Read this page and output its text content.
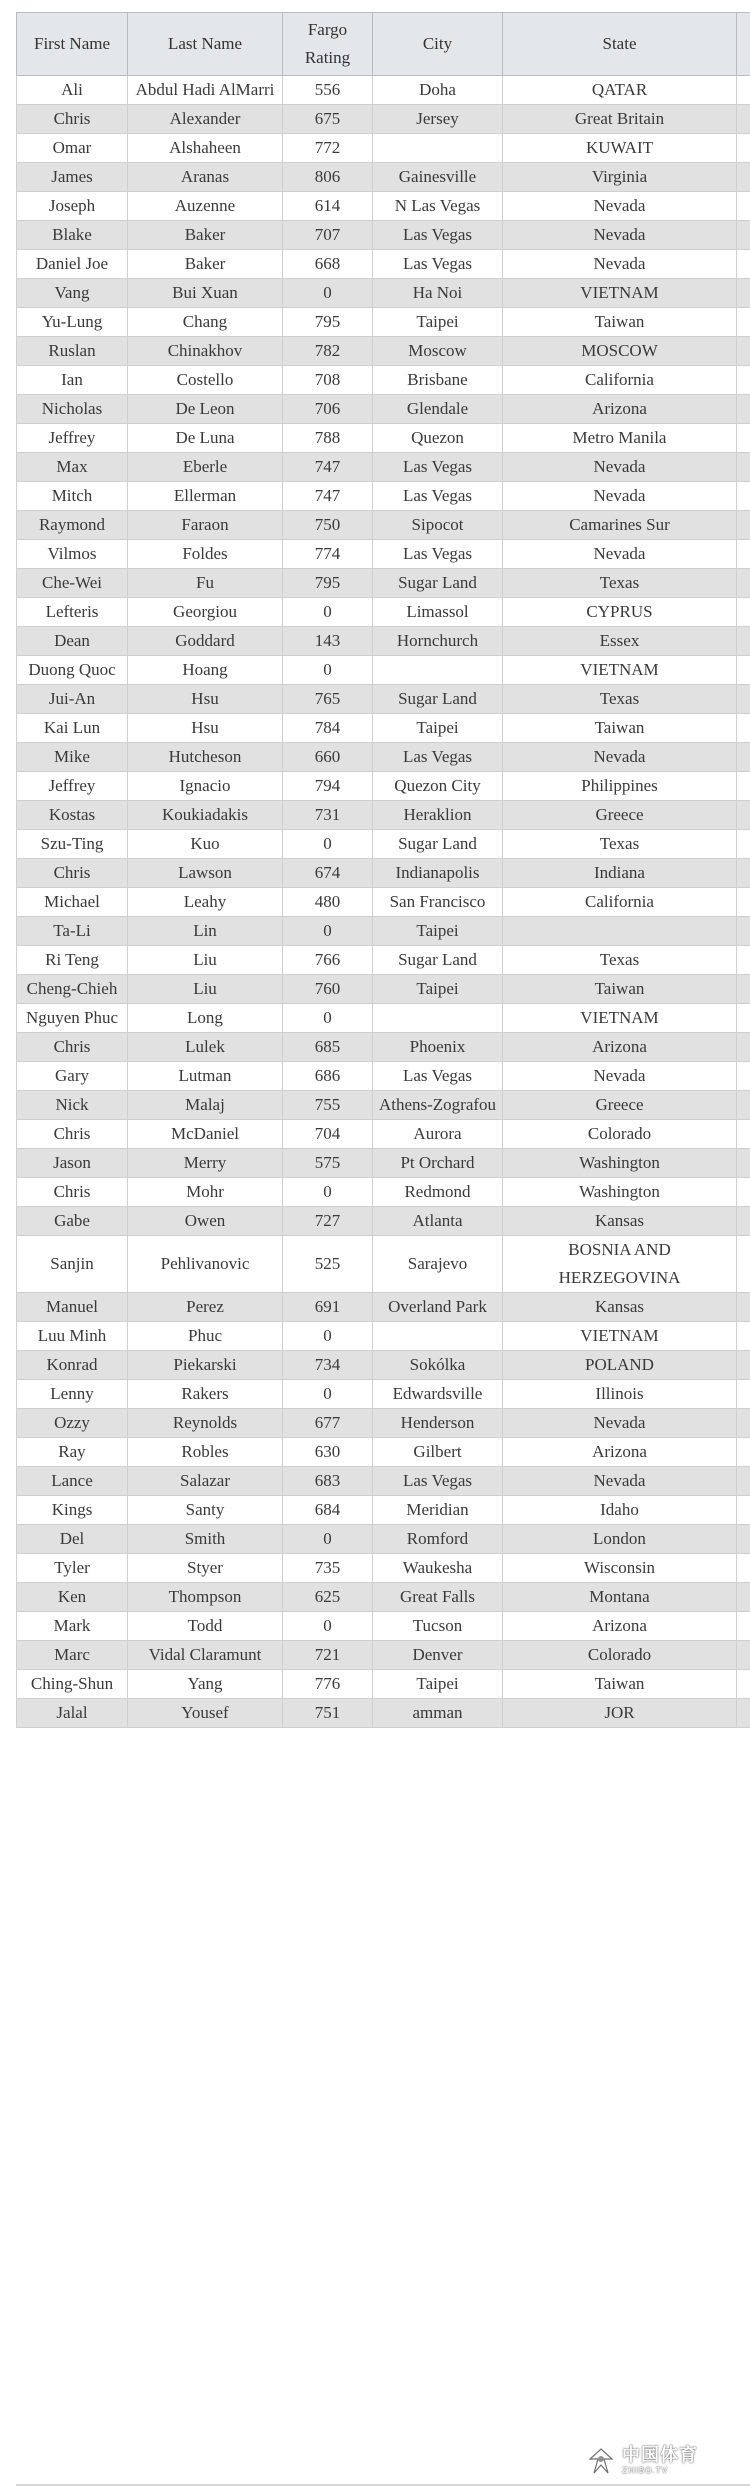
First Name	Last Name	Fargo Rating	City	State	
Ali	Abdul Hadi AlMarri	556	Doha	QATAR	
Chris	Alexander	675	Jersey	Great Britain	
Omar	Alshaheen	772		KUWAIT	
James	Aranas	806	Gainesville	Virginia	
Joseph	Auzenne	614	N Las Vegas	Nevada	
Blake	Baker	707	Las Vegas	Nevada	
Daniel Joe	Baker	668	Las Vegas	Nevada	
Vang	Bui Xuan	0	Ha Noi	VIETNAM	
Yu-Lung	Chang	795	Taipei	Taiwan	
Ruslan	Chinakhov	782	Moscow	MOSCOW	
Ian	Costello	708	Brisbane	California	
Nicholas	De Leon	706	Glendale	Arizona	
Jeffrey	De Luna	788	Quezon	Metro Manila	
Max	Eberle	747	Las Vegas	Nevada	
Mitch	Ellerman	747	Las Vegas	Nevada	
Raymond	Faraon	750	Sipocot	Camarines Sur	
Vilmos	Foldes	774	Las Vegas	Nevada	
Che-Wei	Fu	795	Sugar Land	Texas	
Lefteris	Georgiou	0	Limassol	CYPRUS	
Dean	Goddard	143	Hornchurch	Essex	
Duong Quoc	Hoang	0		VIETNAM	
Jui-An	Hsu	765	Sugar Land	Texas	
Kai Lun	Hsu	784	Taipei	Taiwan	
Mike	Hutcheson	660	Las Vegas	Nevada	
Jeffrey	Ignacio	794	Quezon City	Philippines	
Kostas	Koukiadakis	731	Heraklion	Greece	
Szu-Ting	Kuo	0	Sugar Land	Texas	
Chris	Lawson	674	Indianapolis	Indiana	
Michael	Leahy	480	San Francisco	California	
Ta-Li	Lin	0	Taipei		
Ri Teng	Liu	766	Sugar Land	Texas	
Cheng-Chieh	Liu	760	Taipei	Taiwan	
Nguyen Phuc	Long	0		VIETNAM	
Chris	Lulek	685	Phoenix	Arizona	
Gary	Lutman	686	Las Vegas	Nevada	
Nick	Malaj	755	Athens-Zografou	Greece	
Chris	McDaniel	704	Aurora	Colorado	
Jason	Merry	575	Pt Orchard	Washington	
Chris	Mohr	0	Redmond	Washington	
Gabe	Owen	727	Atlanta	Kansas	
Sanjin	Pehlivanovic	525	Sarajevo	BOSNIA AND HERZEGOVINA	
Manuel	Perez	691	Overland Park	Kansas	
Luu Minh	Phuc	0		VIETNAM	
Konrad	Piekarski	734	Sokólka	POLAND	
Lenny	Rakers	0	Edwardsville	Illinois	
Ozzy	Reynolds	677	Henderson	Nevada	
Ray	Robles	630	Gilbert	Arizona	
Lance	Salazar	683	Las Vegas	Nevada	
Kings	Santy	684	Meridian	Idaho	
Del	Smith	0	Romford	London	
Tyler	Styer	735	Waukesha	Wisconsin	
Ken	Thompson	625	Great Falls	Montana	
Mark	Todd	0	Tucson	Arizona	
Marc	Vidal Claramunt	721	Denver	Colorado	
Ching-Shun	Yang	776	Taipei	Taiwan	
Jalal	Yousef	751	amman	JOR	
中国体育
ZHIBO.TV
